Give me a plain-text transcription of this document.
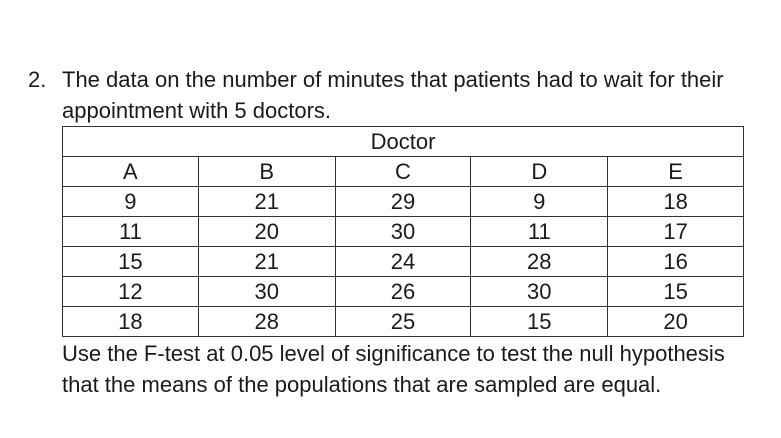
2. The data on the number of minutes that patients had to wait for their appointment with 5 doctors.

Doctor				
A	B	C	D	E
9	21	29	9	18
11	20	30	11	17
15	21	24	28	16
12	30	26	30	15
18	28	25	15	20

Use the F-test at 0.05 level of significance to test the null hypothesis that the means of the populations that are sampled are equal.
